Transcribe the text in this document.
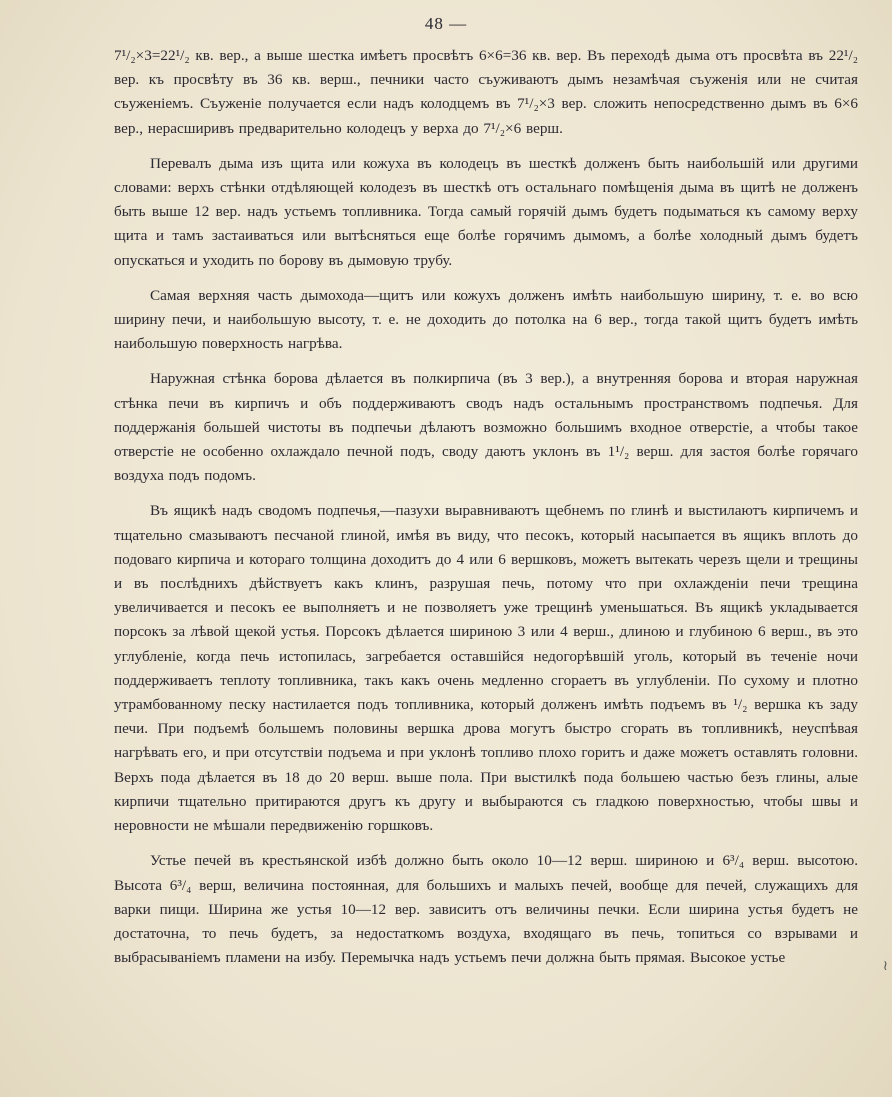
48 —

7¹/₂×3=22¹/₂ кв. вер., а выше шестка имѣетъ просвѣтъ 6×6=36 кв. вер. Въ переходѣ дыма отъ просвѣта въ 22¹/₂ вер. къ просвѣту въ 36 кв. верш., печники часто съуживаютъ дымъ незамѣчая съуженія или не считая съуженіемъ. Съуженіе получается если надъ колодцемъ въ 7¹/₂×3 вер. сложить непосредственно дымъ въ 6×6 вер., нерасширивъ предварительно колодецъ у верха до 7¹/₂×6 верш.

Перевалъ дыма изъ щита или кожуха въ колодецъ въ шесткѣ долженъ быть наибольшій или другими словами: верхъ стѣнки отдѣляющей колодезъ въ шесткѣ отъ остальнаго помѣщенія дыма въ щитѣ не долженъ быть выше 12 вер. надъ устьемъ топливника. Тогда самый горячій дымъ будетъ подыматься къ самому верху щита и тамъ застаиваться или вытѣсняться еще болѣе горячимъ дымомъ, а болѣе холодный дымъ будетъ опускаться и уходить по борову въ дымовую трубу.

Самая верхняя часть дымохода—щитъ или кожухъ долженъ имѣть наибольшую ширину, т. е. во всю ширину печи, и наибольшую высоту, т. е. не доходить до потолка на 6 вер., тогда такой щитъ будетъ имѣть наибольшую поверхность нагрѣва.

Наружная стѣнка борова дѣлается въ полкирпича (въ 3 вер.), а внутренняя борова и вторая наружная стѣнка печи въ кирпичъ и объ поддерживаютъ сводъ надъ остальнымъ пространствомъ подпечья. Для поддержанія большей чистоты въ подпечьи дѣлаютъ возможно большимъ входное отверстіе, а чтобы такое отверстіе не особенно охлаждало печной подъ, своду даютъ уклонъ въ 1¹/₂ верш. для застоя болѣе горячаго воздуха подъ подомъ.

Въ ящикѣ надъ сводомъ подпечья,—пазухи выравниваютъ щебнемъ по глинѣ и выстилаютъ кирпичемъ и тщательно смазываютъ песчаной глиной, имѣя въ виду, что песокъ, который насыпается въ ящикъ вплоть до подоваго кирпича и котораго толщина доходитъ до 4 или 6 вершковъ, можетъ вытекать черезъ щели и трещины и въ послѣднихъ дѣйствуетъ какъ клинъ, разрушая печь, потому что при охлажденіи печи трещина увеличивается и песокъ ее выполняетъ и не позволяетъ уже трещинѣ уменьшаться. Въ ящикѣ укладывается порсокъ за лѣвой щекой устья. Порсокъ дѣлается шириною 3 или 4 верш., длиною и глубиною 6 верш., въ это углубленіе, когда печь истопилась, загребается оставшійся недогорѣвшій уголь, который въ теченіе ночи поддерживаетъ теплоту топливника, такъ какъ очень медленно сгораетъ въ углубленіи. По сухому и плотно утрамбованному песку настилается подъ топливника, который долженъ имѣть подъемъ въ ¹/₂ вершка къ заду печи. При подъемѣ большемъ половины вершка дрова могутъ быстро сгорать въ топливникѣ, неуспѣвая нагрѣвать его, и при отсутствіи подъема и при уклонѣ топливо плохо горитъ и даже можетъ оставлять головни. Верхъ пода дѣлается въ 18 до 20 верш. выше пола. При выстилкѣ пода большею частью безъ глины, алые кирпичи тщательно притираются другъ къ другу и выбыраются съ гладкою поверхностью, чтобы швы и неровности не мѣшали передвиженію горшковъ.

Устье печей въ крестьянской избѣ должно быть около 10—12 верш. шириною и 6³/₄ верш. высотою. Высота 6³/₄ верш, величина постоянная, для большихъ и малыхъ печей, вообще для печей, служащихъ для варки пищи. Ширина же устья 10—12 вер. зависитъ отъ величины печки. Если ширина устья будетъ не достаточна, то печь будетъ, за недостаткомъ воздуха, входящаго въ печь, топиться со взрывами и выбрасываніемъ пламени на избу. Перемычка надъ устьемъ печи должна быть прямая. Высокое устье

≀
